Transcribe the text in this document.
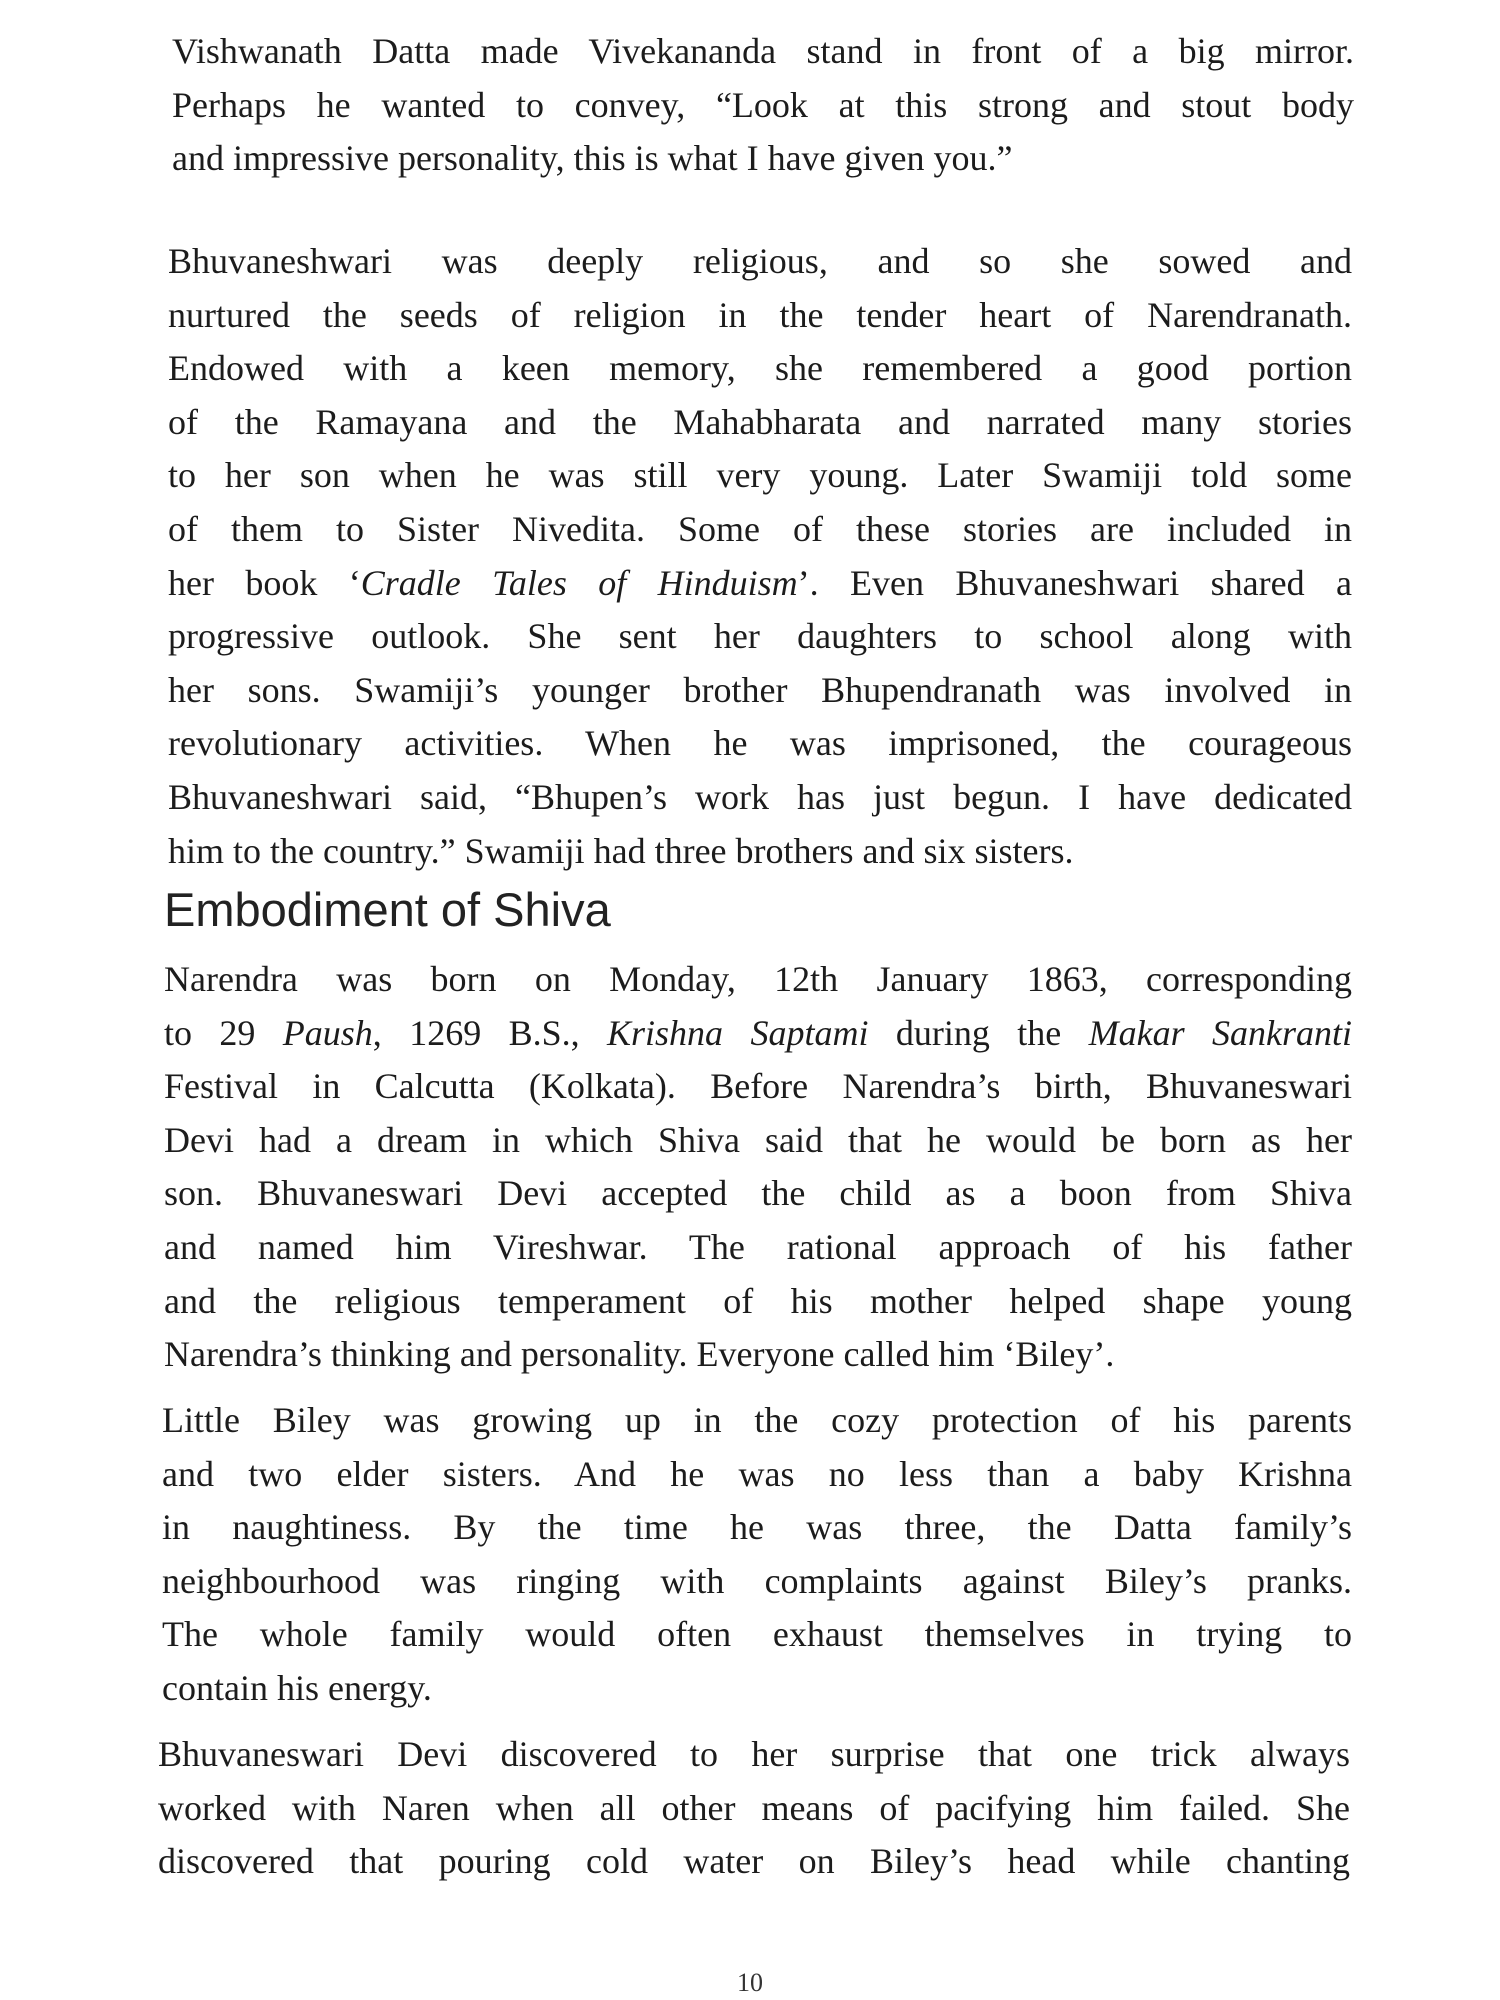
Vishwanath Datta made Vivekananda stand in front of a big mirror.
Perhaps he wanted to convey, “Look at this strong and stout body
and impressive personality, this is what I have given you.”
Bhuvaneshwari was deeply religious, and so she sowed and
nurtured the seeds of religion in the tender heart of Narendranath.
Endowed with a keen memory, she remembered a good portion
of the Ramayana and the Mahabharata and narrated many stories
to her son when he was still very young. Later Swamiji told some
of them to Sister Nivedita. Some of these stories are included in
her book ‘Cradle Tales of Hinduism’. Even Bhuvaneshwari shared a
progressive outlook. She sent her daughters to school along with
her sons. Swamiji’s younger brother Bhupendranath was involved in
revolutionary activities. When he was imprisoned, the courageous
Bhuvaneshwari said, “Bhupen’s work has just begun. I have dedicated
him to the country.” Swamiji had three brothers and six sisters.
Embodiment of Shiva
Narendra was born on Monday, 12th January 1863, corresponding
to 29 Paush, 1269 B.S., Krishna Saptami during the Makar Sankranti
Festival in Calcutta (Kolkata). Before Narendra’s birth, Bhuvaneswari
Devi had a dream in which Shiva said that he would be born as her
son. Bhuvaneswari Devi accepted the child as a boon from Shiva
and named him Vireshwar. The rational approach of his father
and the religious temperament of his mother helped shape young
Narendra’s thinking and personality. Everyone called him ‘Biley’.
Little Biley was growing up in the cozy protection of his parents
and two elder sisters. And he was no less than a baby Krishna
in naughtiness. By the time he was three, the Datta family’s
neighbourhood was ringing with complaints against Biley’s pranks.
The whole family would often exhaust themselves in trying to
contain his energy.
Bhuvaneswari Devi discovered to her surprise that one trick always
worked with Naren when all other means of pacifying him failed. She
discovered that pouring cold water on Biley’s head while chanting
10
